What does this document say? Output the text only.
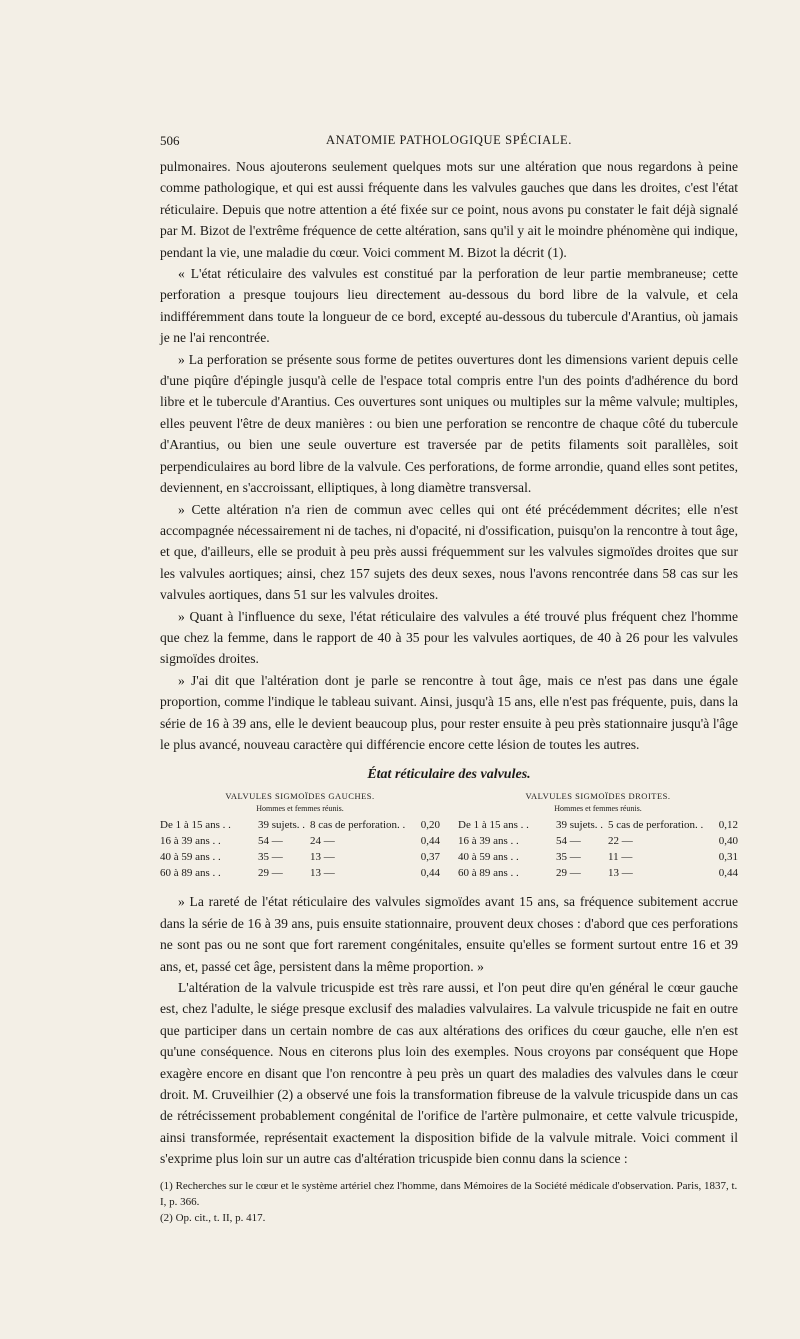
506	ANATOMIE PATHOLOGIQUE SPÉCIALE.

pulmonaires. Nous ajouterons seulement quelques mots sur une altération que nous regardons à peine comme pathologique, et qui est aussi fréquente dans les valvules gauches que dans les droites, c'est l'état réticulaire. Depuis que notre attention a été fixée sur ce point, nous avons pu constater le fait déjà signalé par M. Bizot de l'extrême fréquence de cette altération, sans qu'il y ait le moindre phénomène qui indique, pendant la vie, une maladie du cœur. Voici comment M. Bizot la décrit (1).

« L'état réticulaire des valvules est constitué par la perforation de leur partie membraneuse; cette perforation a presque toujours lieu directement au-dessous du bord libre de la valvule, et cela indifféremment dans toute la longueur de ce bord, excepté au-dessous du tubercule d'Arantius, où jamais je ne l'ai rencontrée.

» La perforation se présente sous forme de petites ouvertures dont les dimensions varient depuis celle d'une piqûre d'épingle jusqu'à celle de l'espace total compris entre l'un des points d'adhérence du bord libre et le tubercule d'Arantius. Ces ouvertures sont uniques ou multiples sur la même valvule; multiples, elles peuvent l'être de deux manières : ou bien une perforation se rencontre de chaque côté du tubercule d'Arantius, ou bien une seule ouverture est traversée par de petits filaments soit parallèles, soit perpendiculaires au bord libre de la valvule. Ces perforations, de forme arrondie, quand elles sont petites, deviennent, en s'accroissant, elliptiques, à long diamètre transversal.

» Cette altération n'a rien de commun avec celles qui ont été précédemment décrites; elle n'est accompagnée nécessairement ni de taches, ni d'opacité, ni d'ossification, puisqu'on la rencontre à tout âge, et que, d'ailleurs, elle se produit à peu près aussi fréquemment sur les valvules sigmoïdes droites que sur les valvules aortiques; ainsi, chez 157 sujets des deux sexes, nous l'avons rencontrée dans 58 cas sur les valvules aortiques, dans 51 sur les valvules droites.

» Quant à l'influence du sexe, l'état réticulaire des valvules a été trouvé plus fréquent chez l'homme que chez la femme, dans le rapport de 40 à 35 pour les valvules aortiques, de 40 à 26 pour les valvules sigmoïdes droites.

» J'ai dit que l'altération dont je parle se rencontre à tout âge, mais ce n'est pas dans une égale proportion, comme l'indique le tableau suivant. Ainsi, jusqu'à 15 ans, elle n'est pas fréquente, puis, dans la série de 16 à 39 ans, elle le devient beaucoup plus, pour rester ensuite à peu près stationnaire jusqu'à l'âge le plus avancé, nouveau caractère qui différencie encore cette lésion de toutes les autres.

État réticulaire des valvules.
VALVULES SIGMOÏDES GAUCHES.
Hommes et femmes réunis.
De 1 à 15 ans . .	39 sujets. . 8 cas de perforation. .	0,20
16 à 39 ans . .	54 —	24 —	0,44
40 à 59 ans . .	35 —	13 —	0,37
60 à 89 ans . .	29 —	13 —	0,44
VALVULES SIGMOÏDES DROITES.
Hommes et femmes réunis.
De 1 à 15 ans . .	39 sujets. . 5 cas de perforation. .	0,12
16 à 39 ans . .	54 —	22 —	0,40
40 à 59 ans . .	35 —	11 —	0,31
60 à 89 ans . .	29 —	13 —	0,44

» La rareté de l'état réticulaire des valvules sigmoïdes avant 15 ans, sa fréquence subitement accrue dans la série de 16 à 39 ans, puis ensuite stationnaire, prouvent deux choses : d'abord que ces perforations ne sont pas ou ne sont que fort rarement congénitales, ensuite qu'elles se forment surtout entre 16 et 39 ans, et, passé cet âge, persistent dans la même proportion. »

L'altération de la valvule tricuspide est très rare aussi, et l'on peut dire qu'en général le cœur gauche est, chez l'adulte, le siége presque exclusif des maladies valvulaires. La valvule tricuspide ne fait en outre que participer dans un certain nombre de cas aux altérations des orifices du cœur gauche, elle n'en est qu'une conséquence. Nous en citerons plus loin des exemples. Nous croyons par conséquent que Hope exagère encore en disant que l'on rencontre à peu près un quart des maladies des valvules dans le cœur droit. M. Cruveilhier (2) a observé une fois la transformation fibreuse de la valvule tricuspide dans un cas de rétrécissement probablement congénital de l'orifice de l'artère pulmonaire, et cette valvule tricuspide, ainsi transformée, représentait exactement la disposition bifide de la valvule mitrale. Voici comment il s'exprime plus loin sur un autre cas d'altération tricuspide bien connu dans la science :

(1) Recherches sur le cœur et le système artériel chez l'homme, dans Mémoires de la Société médicale d'observation. Paris, 1837, t. I, p. 366.
(2) Op. cit., t. II, p. 417.
